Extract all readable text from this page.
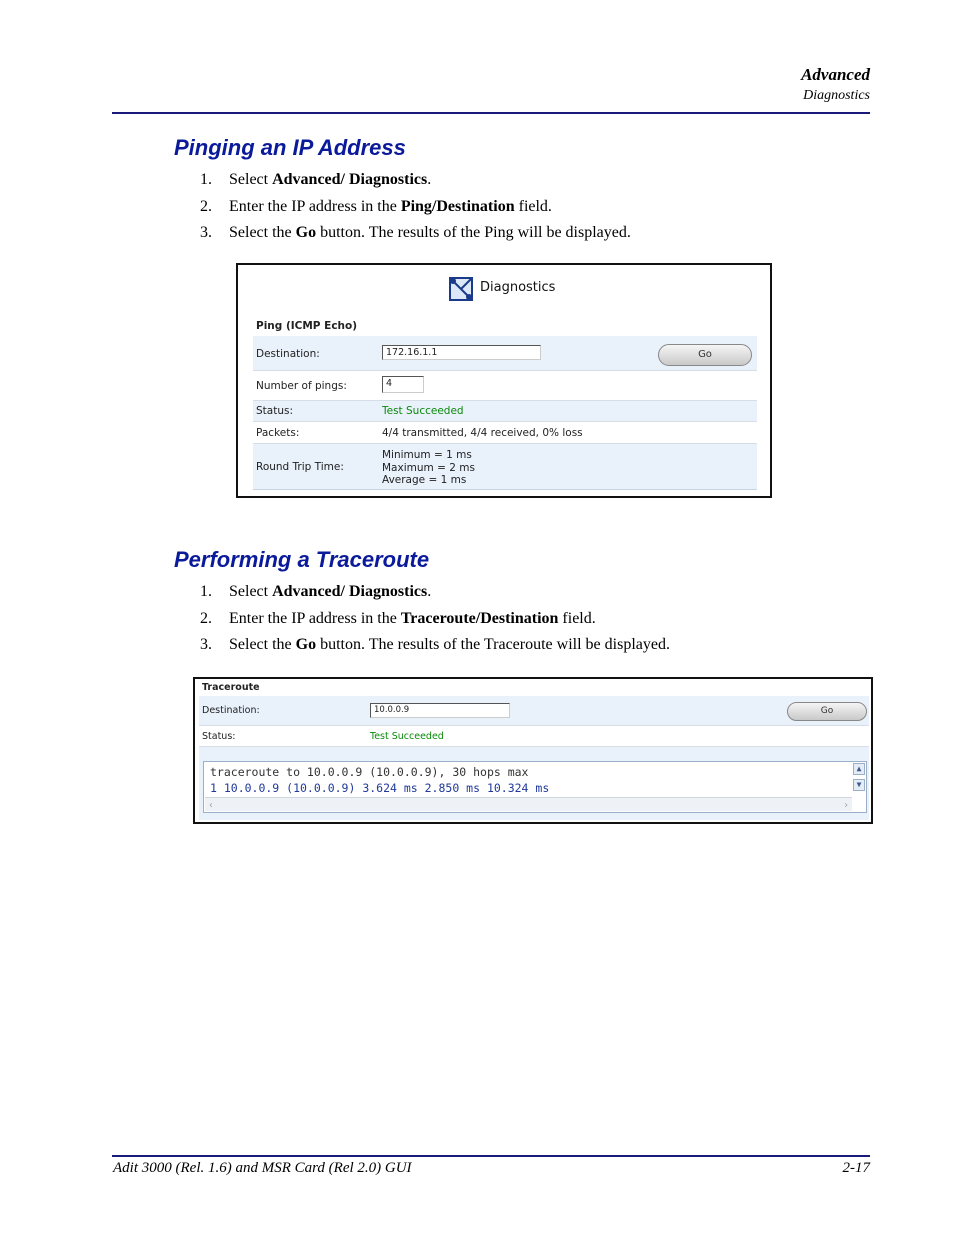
Advanced
Diagnostics
Pinging an IP Address
1. Select Advanced/ Diagnostics.
2. Enter the IP address in the Ping/Destination field.
3. Select the Go button. The results of the Ping will be displayed.
Diagnostics
Ping (ICMP Echo)
Destination:	172.16.1.1	Go
Number of pings:	4
Status:	Test Succeeded
Packets:	4/4 transmitted, 4/4 received, 0% loss
Round Trip Time:
Minimum = 1 ms
Maximum = 2 ms
Average = 1 ms
Performing a Traceroute
1. Select Advanced/ Diagnostics.
2. Enter the IP address in the Traceroute/Destination field.
3. Select the Go button. The results of the Traceroute will be displayed.
Traceroute
Destination:	10.0.0.9	Go
Status:	Test Succeeded
traceroute to 10.0.0.9 (10.0.0.9), 30 hops max
1 10.0.0.9 (10.0.0.9) 3.624 ms 2.850 ms 10.324 ms
▲
▼
‹	›
Adit 3000 (Rel. 1.6) and MSR Card (Rel 2.0) GUI	2-17
